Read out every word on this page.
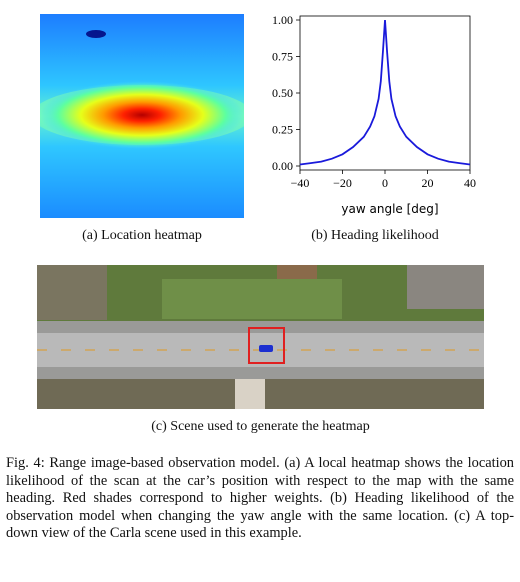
(a) Location heatmap
−40 −20	0	20	40
0.00
0.25
0.50
0.75
1.00
yaw angle [deg]
(b) Heading likelihood
(c) Scene used to generate the heatmap
Fig. 4: Range image-based observation model. (a) A local heatmap shows the location likelihood of the scan at the car’s position with respect to the map with the same heading. Red shades correspond to higher weights. (b) Heading likelihood of the observation model when changing the yaw angle with the same location. (c) A top-down view of the Carla scene used in this example.
